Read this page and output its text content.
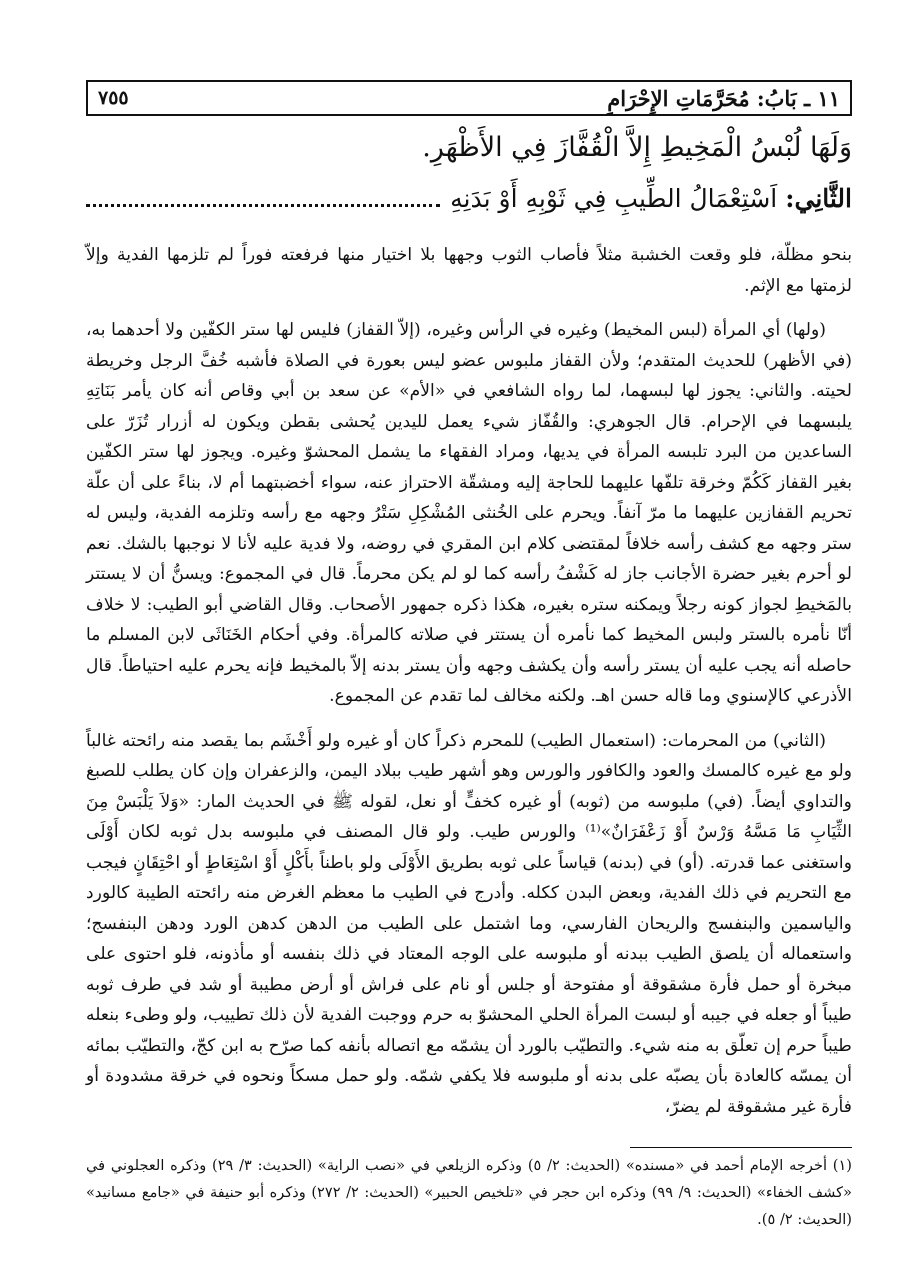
١١ ـ بَابُ: مُحَرَّمَاتِ الإِحْرَامِ
٧٥٥
وَلَهَا لُبْسُ الْمَخِيطِ إِلاَّ الْقُفَّازَ فِي الأَظْهَرِ.
الثَّانِي:
اَسْتِعْمَالُ الطِّيبِ فِي ثَوْبِهِ أَوْ بَدَنِهِ

بنحو مظلّة، فلو وقعت الخشبة مثلاً فأصاب الثوب وجهها بلا اختيار منها فرفعته فوراً لم تلزمها الفدية وإلاّ لزمتها مع الإثم.

(ولها) أي المرأة (لبس المخيط) وغيره في الرأس وغيره، (إلاّ القفاز) فليس لها ستر الكفّين ولا أحدهما به، (في الأظهر) للحديث المتقدم؛ ولأن القفاز ملبوس عضو ليس بعورة في الصلاة فأشبه خُفَّ الرجل وخريطة لحيته. والثاني: يجوز لها لبسهما، لما رواه الشافعي في «الأم» عن سعد بن أبي وقاص أنه كان يأمر بَنَاتِهِ يلبسهما في الإحرام. قال الجوهري: والقُفّاز شيء يعمل لليدين يُحشى بقطن ويكون له أزرار تُزَرّ على الساعدين من البرد تلبسه المرأة في يديها، ومراد الفقهاء ما يشمل المحشوّ وغيره. ويجوز لها ستر الكفّين بغير القفاز كَكُمّ وخرقة تلفّها عليهما للحاجة إليه ومشقّة الاحتراز عنه، سواء أخضبتهما أم لا، بناءً على أن علّة تحريم القفازين عليهما ما مرّ آنفاً. ويحرم على الخُنثى المُشْكِلِ سَتْرُ وجهه مع رأسه وتلزمه الفدية، وليس له ستر وجهه مع كشف رأسه خلافاً لمقتضى كلام ابن المقري في روضه، ولا فدية عليه لأنا لا نوجبها بالشك. نعم لو أحرم بغير حضرة الأجانب جاز له كَشْفُ رأسه كما لو لم يكن محرماً. قال في المجموع: ويسنُّ أن لا يستتر بالمَخيطِ لجواز كونه رجلاً ويمكنه ستره بغيره، هكذا ذكره جمهور الأصحاب. وقال القاضي أبو الطيب: لا خلاف أنّا نأمره بالستر ولبس المخيط كما نأمره أن يستتر في صلاته كالمرأة. وفي أحكام الخَنَاثَى لابن المسلم ما حاصله أنه يجب عليه أن يستر رأسه وأن يكشف وجهه وأن يستر بدنه إلاّ بالمخيط فإنه يحرم عليه احتياطاً. قال الأذرعي كالإسنوي وما قاله حسن اهـ. ولكنه مخالف لما تقدم عن المجموع.

(الثاني) من المحرمات: (استعمال الطيب) للمحرم ذكراً كان أو غيره ولو أَخْشَم بما يقصد منه رائحته غالباً ولو مع غيره كالمسك والعود والكافور والورس وهو أشهر طيب ببلاد اليمن، والزعفران وإن كان يطلب للصبغ والتداوي أيضاً. (في) ملبوسه من (ثوبه) أو غيره كخفٍّ أو نعل، لقوله ﷺ في الحديث المار: «وَلاَ يَلْبَسْ مِنَ الثِّيَابِ مَا مَسَّهُ وَرْسٌ أَوْ زَعْفَرَانٌ»⁽¹⁾ والورس طيب. ولو قال المصنف في ملبوسه بدل ثوبه لكان أَوْلَى واستغنى عما قدرته. (أو) في (بدنه) قياساً على ثوبه بطريق الأَوْلَى ولو باطناً بأَكْلٍ أَوْ اسْتِعَاطٍ أو احْتِقَانٍ فيجب مع التحريم في ذلك الفدية، وبعض البدن ككله. وأدرج في الطيب ما معظم الغرض منه رائحته الطيبة كالورد والياسمين والبنفسج والريحان الفارسي، وما اشتمل على الطيب من الدهن كدهن الورد ودهن البنفسج؛ واستعماله أن يلصق الطيب ببدنه أو ملبوسه على الوجه المعتاد في ذلك بنفسه أو مأذونه، فلو احتوى على مبخرة أو حمل فأرة مشقوقة أو مفتوحة أو جلس أو نام على فراش أو أرض مطيبة أو شد في طرف ثوبه طيباً أو جعله في جيبه أو لبست المرأة الحلي المحشوّ به حرم ووجبت الفدية لأن ذلك تطييب، ولو وطىء بنعله طيباً حرم إن تعلّق به منه شيء. والتطيّب بالورد أن يشمّه مع اتصاله بأنفه كما صرّح به ابن كجّ، والتطيّب بمائه أن يمسّه كالعادة بأن يصبّه على بدنه أو ملبوسه فلا يكفي شمّه. ولو حمل مسكاً ونحوه في خرقة مشدودة أو فأرة غير مشقوقة لم يضرّ،

(١) أخرجه الإمام أحمد في «مسنده» (الحديث: ٢/ ٥) وذكره الزيلعي في «نصب الراية» (الحديث: ٣/ ٢٩) وذكره العجلوني في «كشف الخفاء» (الحديث: ٩/ ٩٩) وذكره ابن حجر في «تلخيص الحبير» (الحديث: ٢/ ٢٧٢) وذكره أبو حنيفة في «جامع مسانيد» (الحديث: ٢/ ٥).
